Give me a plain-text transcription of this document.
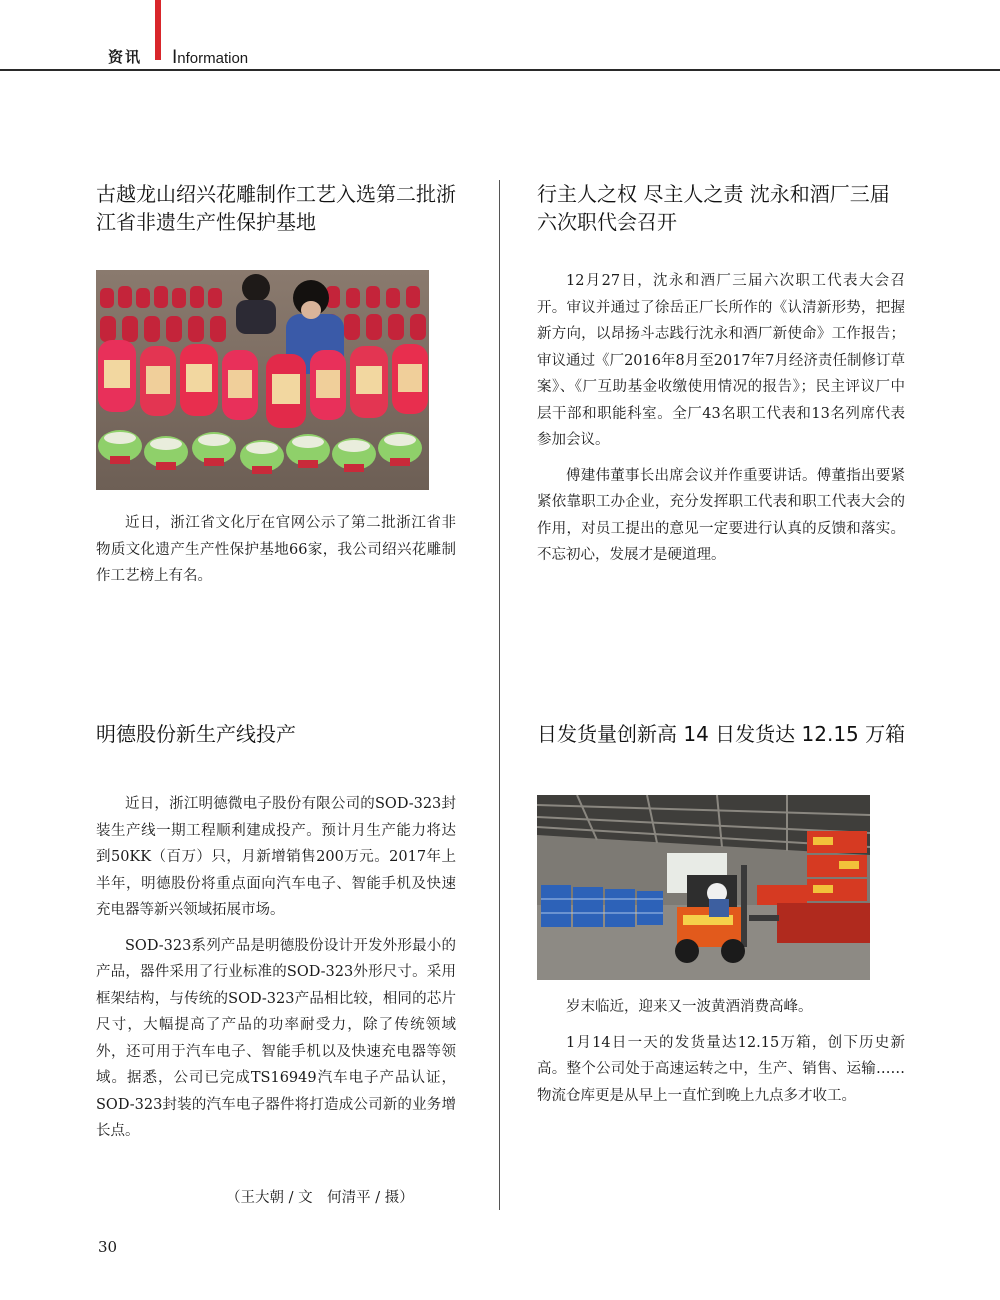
资讯 Information
古越龙山绍兴花雕制作工艺入选第二批浙江省非遗生产性保护基地

近日，浙江省文化厅在官网公示了第二批浙江省非物质文化遗产生产性保护基地66家，我公司绍兴花雕制作工艺榜上有名。

行主人之权 尽主人之责 沈永和酒厂三届六次职代会召开

12月27日，沈永和酒厂三届六次职工代表大会召开。审议并通过了徐岳正厂长所作的《认清新形势，把握新方向，以昂扬斗志践行沈永和酒厂新使命》工作报告；审议通过《厂2016年8月至2017年7月经济责任制修订草案》、《厂互助基金收缴使用情况的报告》；民主评议厂中层干部和职能科室。全厂43名职工代表和13名列席代表参加会议。

傅建伟董事长出席会议并作重要讲话。傅董指出要紧紧依靠职工办企业，充分发挥职工代表和职工代表大会的作用，对员工提出的意见一定要进行认真的反馈和落实。不忘初心，发展才是硬道理。

明德股份新生产线投产

近日，浙江明德微电子股份有限公司的SOD-323封装生产线一期工程顺利建成投产。预计月生产能力将达到50KK（百万）只，月新增销售200万元。2017年上半年，明德股份将重点面向汽车电子、智能手机及快速充电器等新兴领域拓展市场。

SOD-323系列产品是明德股份设计开发外形最小的产品，器件采用了行业标准的SOD-323外形尺寸。采用框架结构，与传统的SOD-323产品相比较，相同的芯片尺寸，大幅提高了产品的功率耐受力，除了传统领域外，还可用于汽车电子、智能手机以及快速充电器等领域。据悉，公司已完成TS16949汽车电子产品认证，SOD-323封装的汽车电子器件将打造成公司新的业务增长点。

（王大朝 / 文　何清平 / 摄）
日发货量创新高 14 日发货达 12.15 万箱

岁末临近，迎来又一波黄酒消费高峰。

1月14日一天的发货量达12.15万箱，创下历史新高。整个公司处于高速运转之中，生产、销售、运输……物流仓库更是从早上一直忙到晚上九点多才收工。

30
